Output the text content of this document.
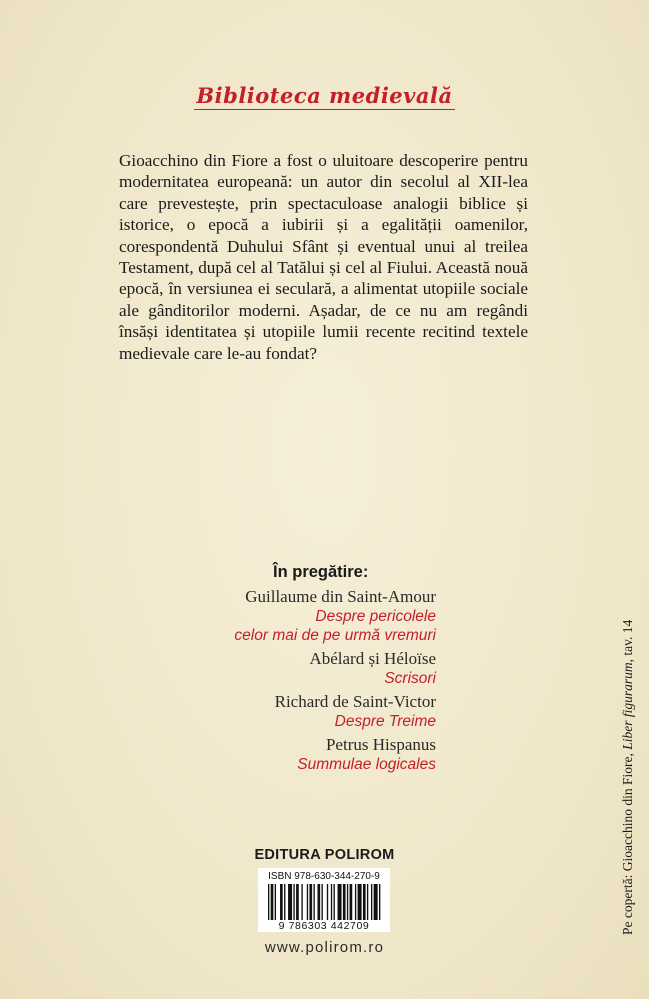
Biblioteca medievală

Gioacchino din Fiore a fost o uluitoare descoperire pentru modernitatea europeană: un autor din secolul al XII-lea care prevestește, prin spectaculoase analogii biblice și istorice, o epocă a iubirii și a egalității oamenilor, corespondentă Duhului Sfânt și eventual unui al treilea Testament, după cel al Tatălui și cel al Fiului. Această nouă epocă, în versiunea ei seculară, a alimentat utopiile sociale ale gânditorilor moderni. Așadar, de ce nu am regândi însăși identitatea și utopiile lumii recente recitind textele medievale care le-au fondat?

În pregătire:
Guillaume din Saint-Amour
Despre pericolele
celor mai de pe urmă vremuri
Abélard și Héloïse
Scrisori
Richard de Saint-Victor
Despre Treime
Petrus Hispanus
Summulae logicales
EDITURA POLIROM
ISBN 978-630-344-270-9
9 786303 442709
www.polirom.ro
Pe copertă: Gioacchino din Fiore, Liber figurarum, tav. 14
